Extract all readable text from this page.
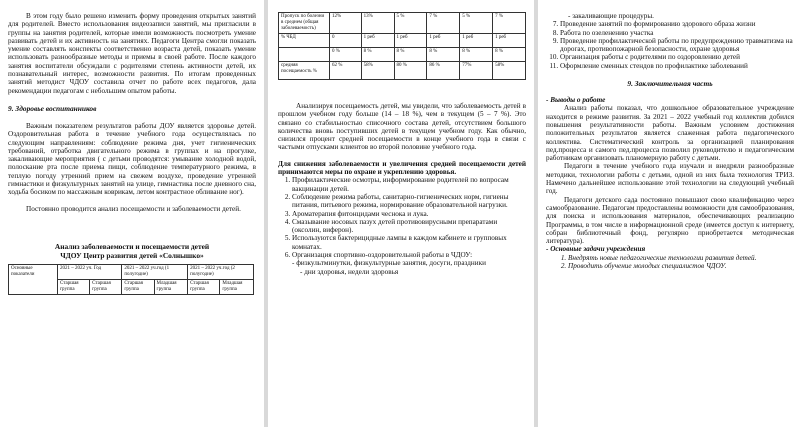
В этом году было решено изменить форму проведения открытых занятий для родителей. Вместо использования видеозаписи занятий, мы пригласили в группы на занятия родителей, которые имели возможность посмотреть умение развивать детей и их активность на занятиях. Педагоги Центра смогли показать умение составлять конспекты соответственно возраста детей, показать умение использовать разнообразные методы и приемы в своей работе. После каждого занятия воспитатели обсуждали с родителями степень активности детей, их познавательный интерес, возможности развития. По итогам проведенных занятий методист ЧДОУ составила отчет по работе всех педагогов, дала рекомендации педагогам с небольшим опытом работы.

9. Здоровье воспитанников

Важным показателем результатов работы ДОУ является здоровье детей. Оздоровительная работа в течение учебного года осуществлялась по следующим направлениям: соблюдение режима дня, учет гигиенических требований, отработка двигательного режима в группах и на прогулке, закаливающие мероприятия ( с детьми проводятся: умывание холодной водой, полоскание рта после приема пищи, соблюдение температурного режима, в теплую погоду утренний прием на свежем воздухе, проведение утренней гимнастики и физкультурных занятий на улице, гимнастика после дневного сна, ходьба босиком по массажным коврикам, летом контрастное обливание ног).

Постоянно проводится анализ посещаемости и заболеваемости детей.

Анализ заболеваемости и посещаемости детей
ЧДОУ Центр развития детей «Солнышко»
Основные показатели	2021 – 2022 уч. Год		2021 – 2022 уч.год (1 полугодие)		2021 – 2022 уч.год (2 полугодие)	
	Старшая группа	Старшая группа	Старшая группа	Младшая группа	Старшая группа	Младшая группа
Пропуск по болезни в среднем (общая заболеваемость)	12%	13%	5 %	7 %	5 %	7 %
% ЧБД	0	1 реб	1 реб	1 реб	1 реб	1 реб
	0 %	8 %	8 %	8 %	8 %	8 %
средняя посещаемость %	62 %	58%	80 %	86 %	77%	58%

Анализируя посещаемость детей, мы увидели, что заболеваемость детей в прошлом учебном году больше (14 – 18 %), чем в текущем (5 – 7 %). Это связано со стабильностью списочного состава детей, отсутствием большого количества вновь поступивших детей в текущем учебном году. Как обычно, снизился процент средней посещаемости в конце учебного года в связи с частыми отпусками клиентов во второй половине учебного года.

Для снижения заболеваемости и увеличения средней посещаемости детей принимаются меры по охране и укреплению здоровья.

1. Профилактические осмотры, информирование родителей по вопросам вакцинации детей.
2. Соблюдение режима работы, санитарно-гигиенических норм, гигиены питания, питьевого режима, нормирование образовательной нагрузки.
3. Ароматерапия фитонцидами чеснока и лука.
4. Смазывание носовых пазух детей противовирусными препаратами (оксолин, виферон).
5. Используются бактерицидные лампы в каждом кабинете и групповых комнатах.
6. Организация спортивно-оздоровительной работы в ЧДОУ:
- физкультминутки, физкультурные занятия, досуги, праздники
- дни здоровья, недели здоровья
- закаливающие процедуры.
7. Проведение занятий по формированию здорового образа жизни
8. Работа по озеленению участка
9. Проведение профилактической работы по предупреждению травматизма на дорогах, противопожарной безопасности, охране здоровья
10. Организация работы с родителями по оздоровлению детей
11. Оформление сменных стендов по профилактике заболеваний
9. Заключительная часть
- Выводы о работе

Анализ работы показал, что дошкольное образовательное учреждение находится в режиме развития. За 2021 – 2022 учебный год коллектив добился повышения результативности работы. Важным условием достижения положительных результатов является слаженная работа педагогического коллектива. Систематический контроль за организацией планирования пед.процесса и самого пед.процесса позволил руководителю и педагогическим работникам организовать планомерную работу с детьми.

Педагоги в течение учебного года изучали и внедряли разнообразные методики, технологии работы с детьми, одной из них была технология ТРИЗ. Намечено дальнейшее использование этой технологии на следующий учебный год.

Педагоги детского сада постоянно повышают свою квалификацию через самообразование. Педагогам предоставлены возможности для самообразования, для поиска и использования материалов, обеспечивающих реализацию Программы, в том числе в информационной среде (имеется доступ к интернету, собран библиотечный фонд, регулярно приобретается методическая литература).

- Основные задачи учреждения
1. Внедрять новые педагогические технологии развития детей.
2. Проводить обучение молодых специалистов ЧДОУ.
